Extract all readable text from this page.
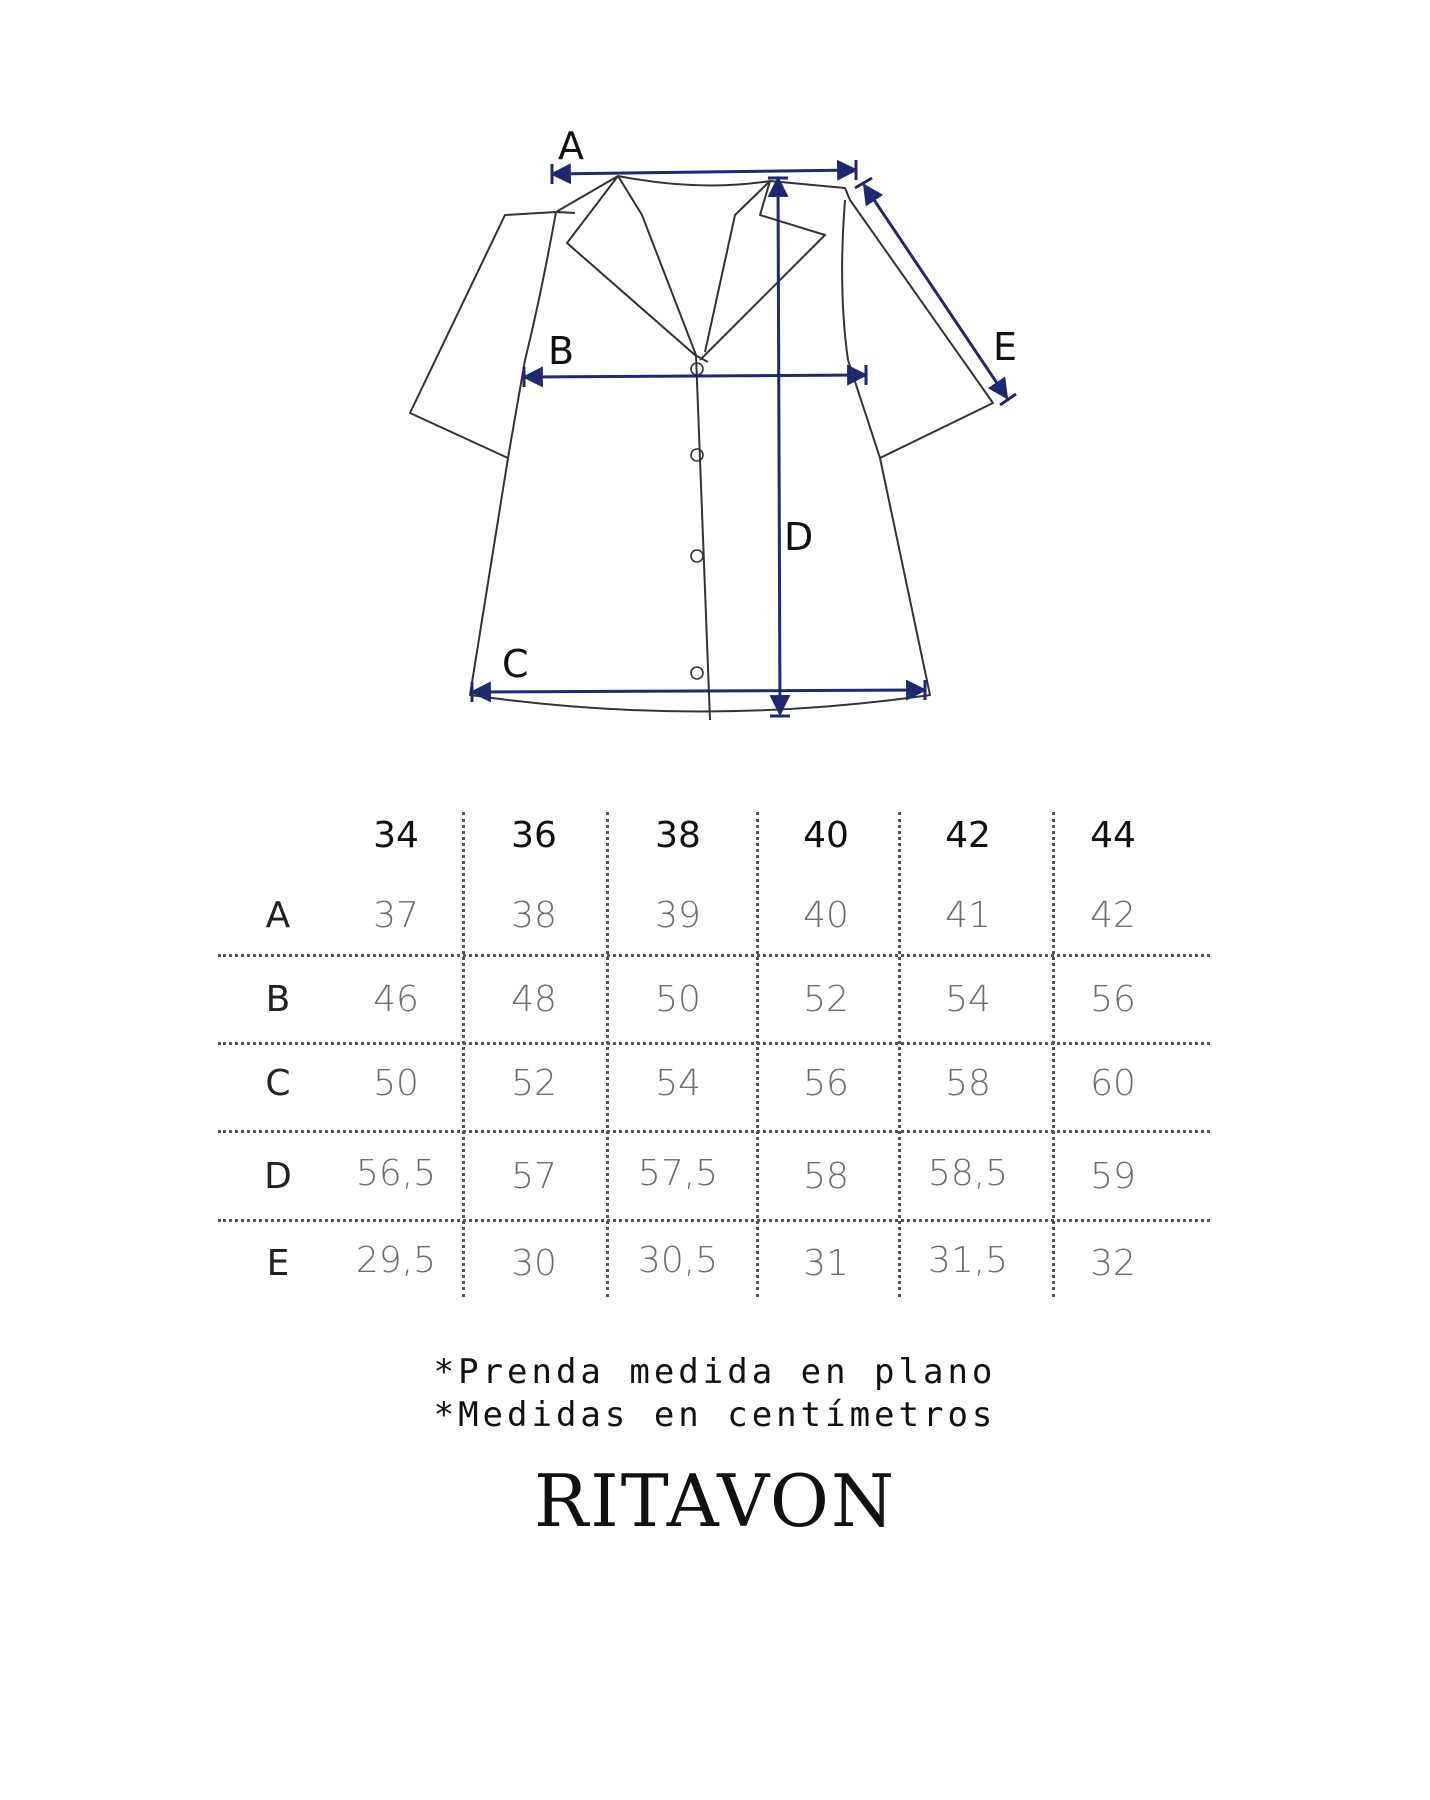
A
B
C
D
E
34	36	38	40	42	44
A	37	38	39	40	41	42
B	46	48	50	52	54	56
C	50	52	54	56	58	60
D	56,5	57	57,5	58	58,5	59
E	29,5	30	30,5	31	31,5	32
*Prenda medida en plano
*Medidas en centímetros
RITAVON
